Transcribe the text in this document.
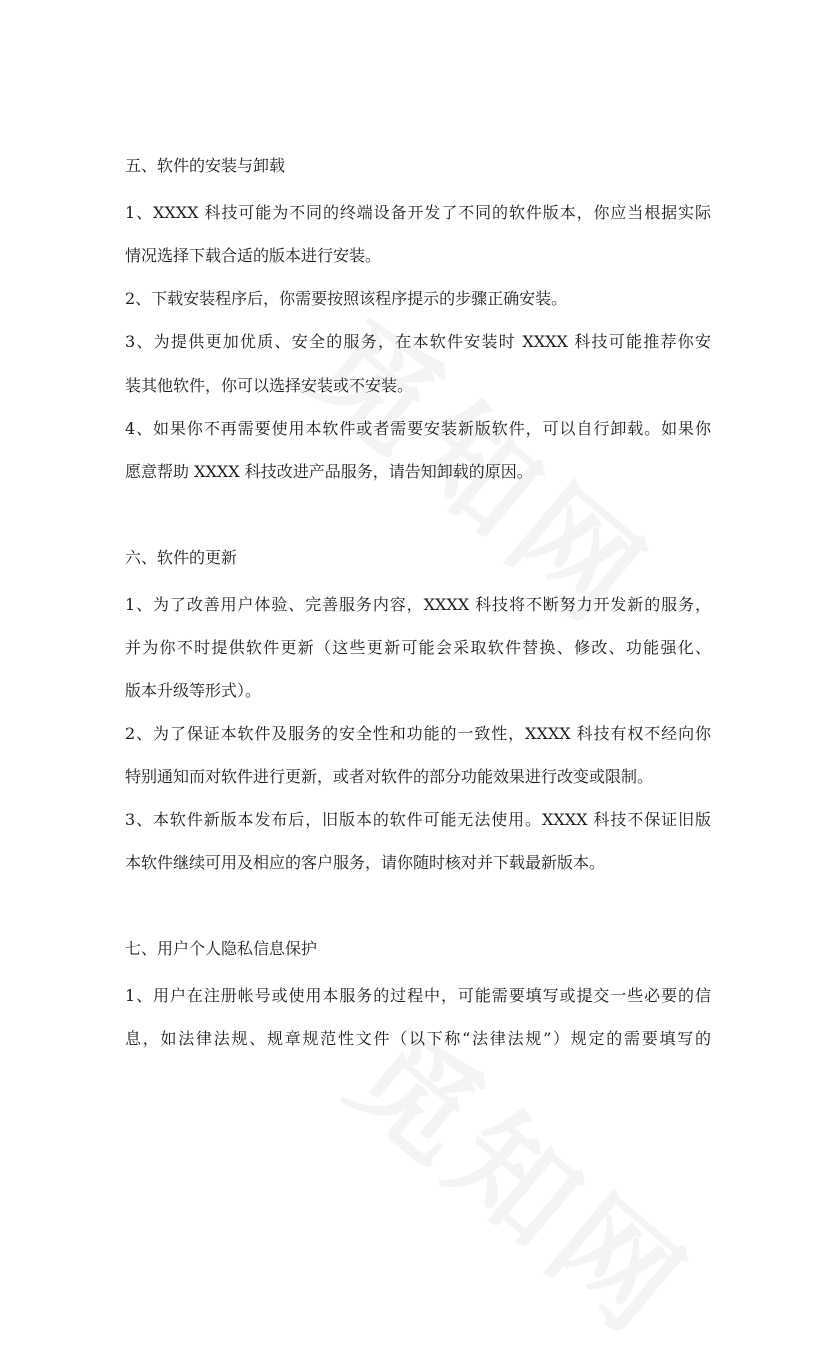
五、软件的安装与卸载
1、XXXX 科技可能为不同的终端设备开发了不同的软件版本，你应当根据实际
情况选择下载合适的版本进行安装。
2、下载安装程序后，你需要按照该程序提示的步骤正确安装。
3、为提供更加优质、安全的服务，在本软件安装时 XXXX 科技可能推荐你安
装其他软件，你可以选择安装或不安装。
4、如果你不再需要使用本软件或者需要安装新版软件，可以自行卸载。如果你
愿意帮助 XXXX 科技改进产品服务，请告知卸载的原因。
六、软件的更新
1、为了改善用户体验、完善服务内容，XXXX 科技将不断努力开发新的服务，
并为你不时提供软件更新（这些更新可能会采取软件替换、修改、功能强化、
版本升级等形式）。
2、为了保证本软件及服务的安全性和功能的一致性，XXXX 科技有权不经向你
特别通知而对软件进行更新，或者对软件的部分功能效果进行改变或限制。
3、本软件新版本发布后，旧版本的软件可能无法使用。XXXX 科技不保证旧版
本软件继续可用及相应的客户服务，请你随时核对并下载最新版本。
七、用户个人隐私信息保护
1、用户在注册帐号或使用本服务的过程中，可能需要填写或提交一些必要的信
息，如法律法规、规章规范性文件（以下称“法律法规”）规定的需要填写的
